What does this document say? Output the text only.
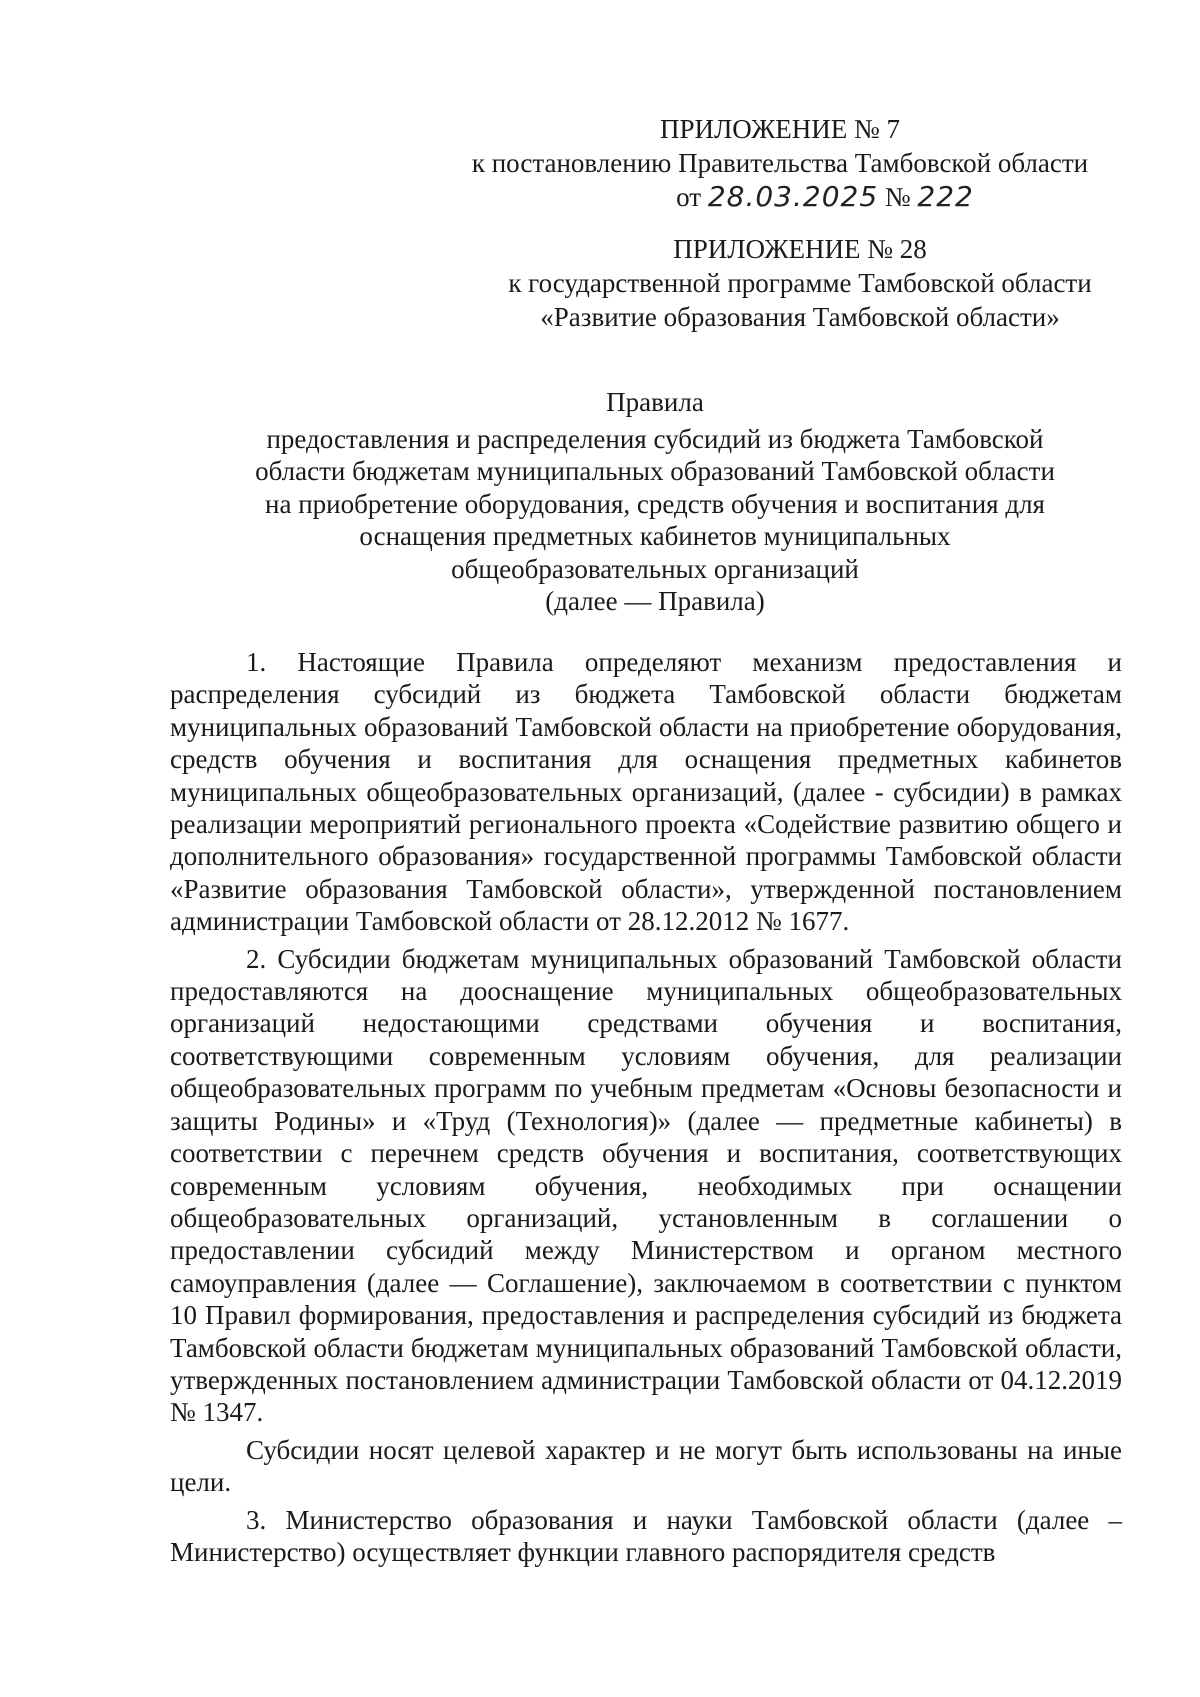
ПРИЛОЖЕНИЕ № 7
к постановлению Правительства Тамбовской области
от 28.03.2025 № 222
ПРИЛОЖЕНИЕ № 28
к государственной программе Тамбовской области
«Развитие образования Тамбовской области»
Правила
предоставления и распределения субсидий из бюджета Тамбовской
области бюджетам муниципальных образований Тамбовской области
на приобретение оборудования, средств обучения и воспитания для
оснащения предметных кабинетов муниципальных
общеобразовательных организаций
(далее — Правила)

1. Настоящие Правила определяют механизм предоставления и распределения субсидий из бюджета Тамбовской области бюджетам муниципальных образований Тамбовской области на приобретение оборудования, средств обучения и воспитания для оснащения предметных кабинетов муниципальных общеобразовательных организаций, (далее - субсидии) в рамках реализации мероприятий регионального проекта «Содействие развитию общего и дополнительного образования» государственной программы Тамбовской области «Развитие образования Тамбовской области», утвержденной постановлением администрации Тамбовской области от 28.12.2012 № 1677.

2. Субсидии бюджетам муниципальных образований Тамбовской области предоставляются на дооснащение муниципальных общеобразовательных организаций недостающими средствами обучения и воспитания, соответствующими современным условиям обучения, для реализации общеобразовательных программ по учебным предметам «Основы безопасности и защиты Родины» и «Труд (Технология)» (далее — предметные кабинеты) в соответствии с перечнем средств обучения и воспитания, соответствующих современным условиям обучения, необходимых при оснащении общеобразовательных организаций, установленным в соглашении о предоставлении субсидий между Министерством и органом местного самоуправления (далее — Соглашение), заключаемом в соответствии с пунктом 10 Правил формирования, предоставления и распределения субсидий из бюджета Тамбовской области бюджетам муниципальных образований Тамбовской области, утвержденных постановлением администрации Тамбовской области от 04.12.2019 № 1347.

Субсидии носят целевой характер и не могут быть использованы на иные цели.

3. Министерство образования и науки Тамбовской области (далее – Министерство) осуществляет функции главного распорядителя средств
